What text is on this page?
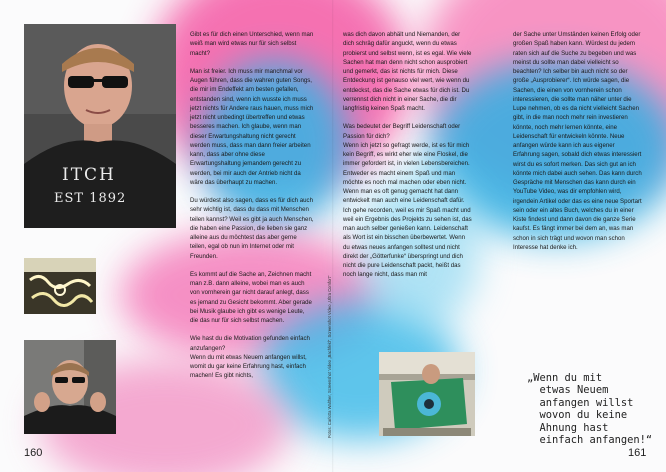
ITCH
EST 1892

Gibt es für dich einen Unterschied, wenn man weiß man wird etwas nur für sich selbst macht?

Man ist freier. Ich muss mir manchmal vor Augen führen, dass die wahren guten Songs, die mir im Endeffekt am besten gefallen, entstanden sind, wenn ich wusste ich muss jetzt nichts für Andere raus hauen, muss mich jetzt nicht unbedingt übertreffen und etwas besseres machen. Ich glaube, wenn man dieser Erwartungshaltung nicht gerecht werden muss, dass man dann freier arbeiten kann, dass aber ohne diese Erwartungshaltung jemandem gerecht zu werden, bei mir auch der Antrieb nicht da wäre das überhaupt zu machen.

Du würdest also sagen, dass es für dich auch sehr wichtig ist, dass du dass mit Menschen teilen kannst? Weil es gibt ja auch Menschen, die haben eine Passion, die lieben sie ganz alleine aus du möchtest das aber gerne teilen, egal ob nun im Internet oder mit Freunden.

Es kommt auf die Sache an, Zeichnen macht man z.B. dann alleine, wobei man es auch von vornherein gar nicht darauf anlegt, dass es jemand zu Gesicht bekommt. Aber gerade bei Musik glaube ich gibt es wenige Leute, die das nur für sich selbst machen.

Wie hast du die Motivation gefunden einfach anzufangen?

Wenn du mit etwas Neuem anfangen willst, womit du gar keine Erfahrung hast, einfach machen! Es gibt nichts,

160

was dich davon abhält und Niemanden, der dich schräg dafür anguckt, wenn du etwas probierst und selbst wenn, ist es egal. Wie viele Sachen hat man denn nicht schon ausprobiert und gemerkt, das ist nichts für mich. Diese Entdeckung ist genauso viel wert, wie wenn du entdeckst, das die Sache etwas für dich ist. Du verrennst dich nicht in einer Sache, die dir langfristig keinen Spaß macht.

Was bedeutet der Begriff Leidenschaft oder Passion für dich?

Wenn ich jetzt so gefragt werde, ist es für mich kein Begriff, es wirkt eher wie eine Floskel, die immer gefordert ist, in vielen Lebensbereichen. Entweder es macht einem Spaß und man möchte es noch mal machen oder eben nicht. Wenn man es oft genug gemacht hat dann entwickelt man auch eine Leidenschaft dafür. Ich gehe recorden, weil es mir Spaß macht und weil ein Ergebnis des Projekts zu sehen ist, das man auch selber genießen kann. Leidenschaft als Wort ist ein bisschen überbewertet. Wenn du etwas neues anfangen solltest und nicht direkt der „Götterfunke“ überspringt und dich nicht die pure Leidenschaft packt, heißt das noch lange nicht, dass man mit

der Sache unter Umständen keinen Erfolg oder großen Spaß haben kann. Würdest du jedem raten sich auf die Suche zu begeben und was meinst du sollte man dabei vielleicht so beachten? Ich selber bin auch nicht so der große „Ausprobierer“. Ich würde sagen, die Sachen, die einen von vornherein schon interessieren, die sollte man näher unter die Lupe nehmen, ob es da nicht vielleicht Sachen gibt, in die man noch mehr rein investieren könnte, noch mehr lernen könnte, eine Leidenschaft für entwickeln könnte. Neue anfangen würde kann ich aus eigener Erfahrung sagen, sobald dich etwas interessiert wirst du es sofort merken. Das sich gut an ich könnte mich dabei auch sehen. Das kann durch Gespräche mit Menschen das kann durch ein YouTube Video, was dir empfohlen wird, irgendein Artikel oder das es eine neue Sportart sein oder ein altes Buch, welches du in einer Kiste findest und dann davon die ganze Serie kaufst. Es fängt immer bei dem an, was man schon in sich trägt und wovon man schon Interesse hat denke ich.

Fotos: Carlotta Walther, Screenshot Video „Bachfeld“, Screenshot Video „Ultra Comfort“	„Wenn du mit
etwas Neuem
anfangen willst
wovon du keine
Ahnung hast
einfach anfangen!“
161
